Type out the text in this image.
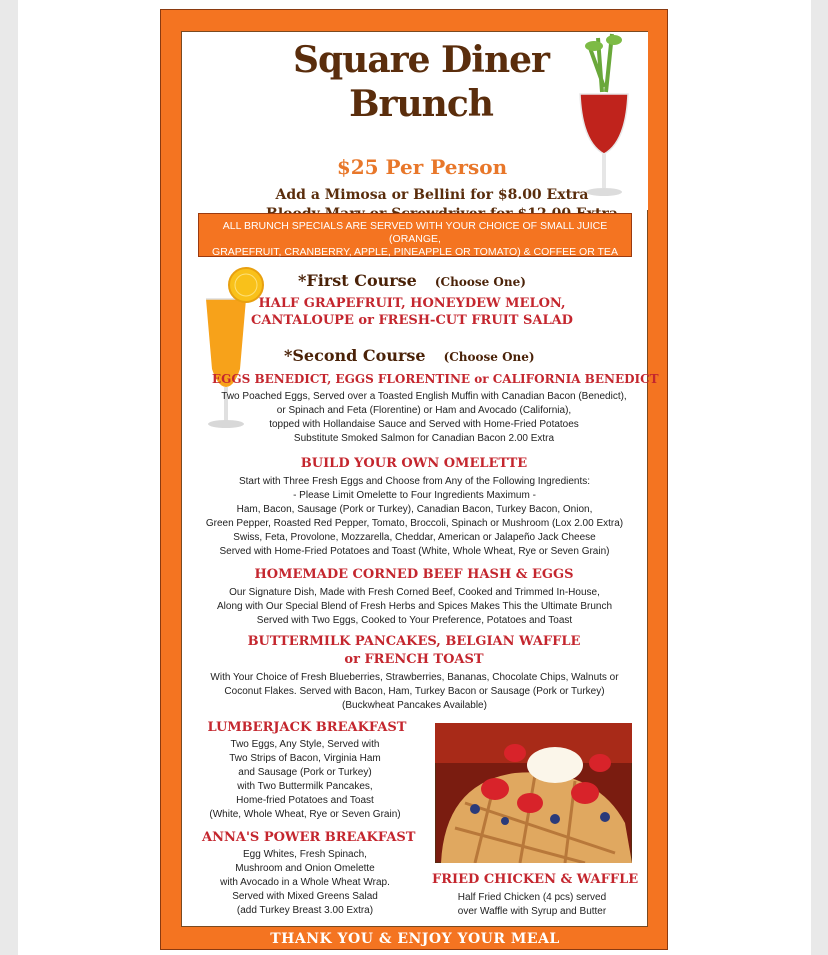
Square Diner
Brunch
$25 Per Person
Add a Mimosa or Bellini for $8.00 Extra
ALL BRUNCH SPECIALS ARE SERVED WITH YOUR CHOICE OF SMALL JUICE (ORANGE,
GRAPEFRUIT, CRANBERRY, APPLE, PINEAPPLE OR TOMATO) & COFFEE OR TEA
*First Course (Choose One)
HALF GRAPEFRUIT, HONEYDEW MELON,
CANTALOUPE or FRESH-CUT FRUIT SALAD
*Second Course (Choose One)
EGGS BENEDICT, EGGS FLORENTINE or CALIFORNIA BENEDICT
Two Poached Eggs, Served over a Toasted English Muffin with Canadian Bacon (Benedict),
or Spinach and Feta (Florentine) or Ham and Avocado (California),
topped with Hollandaise Sauce and Served with Home-Fried Potatoes
Substitute Smoked Salmon for Canadian Bacon 2.00 Extra
BUILD YOUR OWN OMELETTE
Start with Three Fresh Eggs and Choose from Any of the Following Ingredients:
- Please Limit Omelette to Four Ingredients Maximum -
Ham, Bacon, Sausage (Pork or Turkey), Canadian Bacon, Turkey Bacon, Onion,
Green Pepper, Roasted Red Pepper, Tomato, Broccoli, Spinach or Mushroom (Lox 2.00 Extra)
Swiss, Feta, Provolone, Mozzarella, Cheddar, American or Jalapeño Jack Cheese
Served with Home-Fried Potatoes and Toast (White, Whole Wheat, Rye or Seven Grain)
HOMEMADE CORNED BEEF HASH & EGGS
Our Signature Dish, Made with Fresh Corned Beef, Cooked and Trimmed In-House,
Along with Our Special Blend of Fresh Herbs and Spices Makes This the Ultimate Brunch
Served with Two Eggs, Cooked to Your Preference, Potatoes and Toast
BUTTERMILK PANCAKES, BELGIAN WAFFLE
or FRENCH TOAST
With Your Choice of Fresh Blueberries, Strawberries, Bananas, Chocolate Chips, Walnuts or
Coconut Flakes. Served with Bacon, Ham, Turkey Bacon or Sausage (Pork or Turkey)
(Buckwheat Pancakes Available)
LUMBERJACK BREAKFAST
Two Eggs, Any Style, Served with
Two Strips of Bacon, Virginia Ham
and Sausage (Pork or Turkey)
with Two Buttermilk Pancakes,
Home-fried Potatoes and Toast
(White, Whole Wheat, Rye or Seven Grain)
ANNA'S POWER BREAKFAST
Egg Whites, Fresh Spinach,
Mushroom and Onion Omelette
with Avocado in a Whole Wheat Wrap.
Served with Mixed Greens Salad
(add Turkey Breast 3.00 Extra)
FRIED CHICKEN & WAFFLE
Half Fried Chicken (4 pcs) served
over Waffle with Syrup and Butter
THANK YOU & ENJOY YOUR MEAL
